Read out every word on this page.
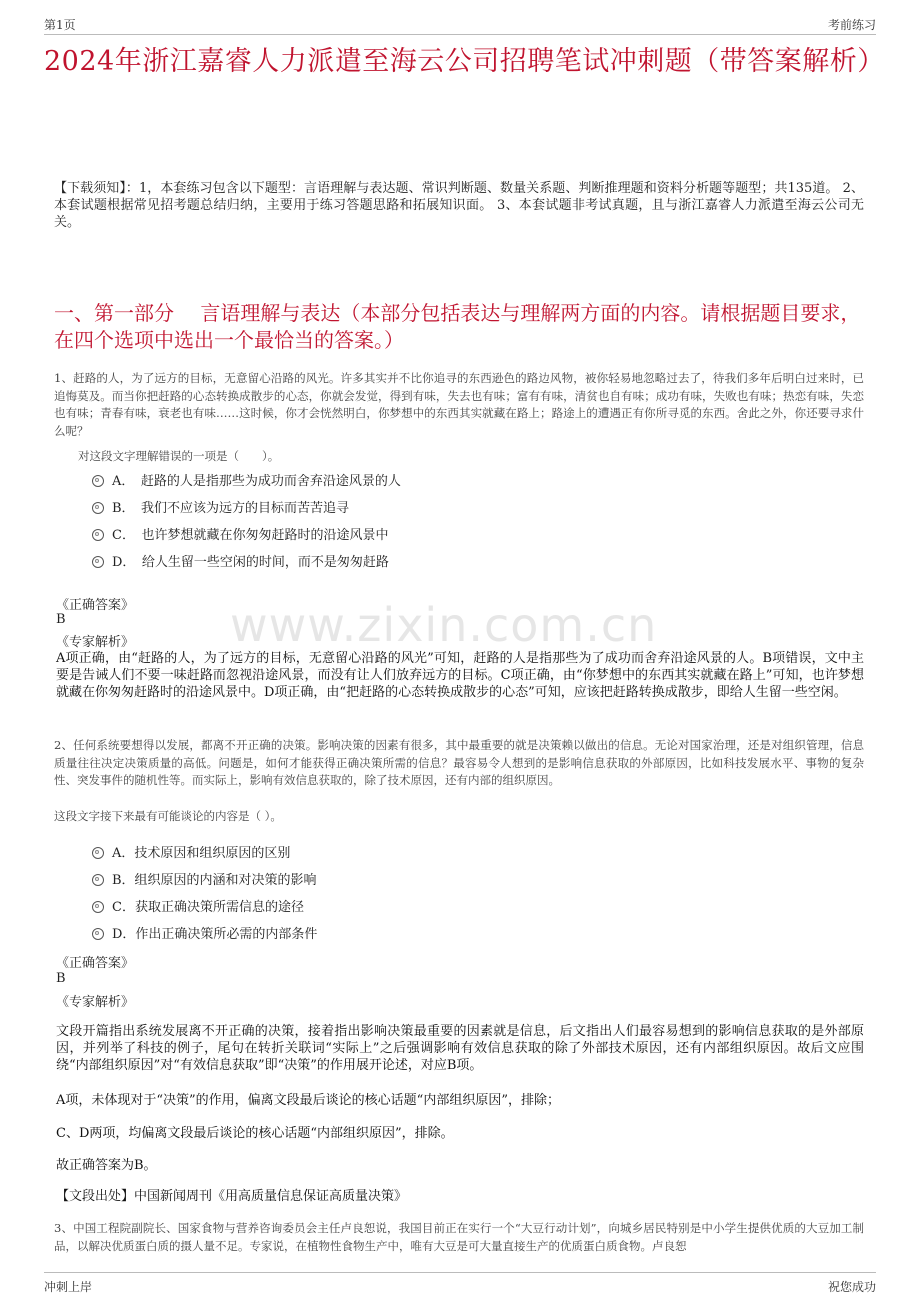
第1页	考前练习
2024年浙江嘉睿人力派遣至海云公司招聘笔试冲刺题（带答案解析）
【下载须知】：1，本套练习包含以下题型：言语理解与表达题、常识判断题、数量关系题、判断推理题和资料分析题等题型；共135道。 2、本套试题根据常见招考题总结归纳，主要用于练习答题思路和拓展知识面。 3、本套试题非考试真题，且与浙江嘉睿人力派遣至海云公司无关。
一、第一部分　 言语理解与表达（本部分包括表达与理解两方面的内容。请根据题目要求，在四个选项中选出一个最恰当的答案。）
www.zixin.com.cn
1、赶路的人，为了远方的目标，无意留心沿路的风光。许多其实并不比你追寻的东西逊色的路边风物，被你轻易地忽略过去了，待我们多年后明白过来时，已追悔莫及。而当你把赶路的心态转换成散步的心态，你就会发觉，得到有味，失去也有味；富有有味，清贫也自有味；成功有味，失败也有味；热恋有味，失恋也有味；青春有味，衰老也有味……这时候，你才会恍然明白，你梦想中的东西其实就藏在路上；路途上的遭遇正有你所寻觅的东西。舍此之外，你还要寻求什么呢？
对这段文字理解错误的一项是（　　）。
A．　赶路的人是指那些为成功而舍弃沿途风景的人
B．　我们不应该为远方的目标而苦苦追寻
C．　也许梦想就藏在你匆匆赶路时的沿途风景中
D．　给人生留一些空闲的时间，而不是匆匆赶路
《正确答案》
B
《专家解析》
A项正确，由“赶路的人，为了远方的目标，无意留心沿路的风光”可知，赶路的人是指那些为了成功而舍弃沿途风景的人。B项错误，文中主要是告诫人们不要一味赶路而忽视沿途风景，而没有让人们放弃远方的目标。C项正确，由“你梦想中的东西其实就藏在路上”可知，也许梦想就藏在你匆匆赶路时的沿途风景中。D项正确，由“把赶路的心态转换成散步的心态”可知，应该把赶路转换成散步，即给人生留一些空闲。
2、任何系统要想得以发展，都离不开正确的决策。影响决策的因素有很多，其中最重要的就是决策赖以做出的信息。无论对国家治理，还是对组织管理，信息质量往往决定决策质量的高低。问题是，如何才能获得正确决策所需的信息？最容易令人想到的是影响信息获取的外部原因，比如科技发展水平、事物的复杂性、突发事件的随机性等。而实际上，影响有效信息获取的，除了技术原因，还有内部的组织原因。
这段文字接下来最有可能谈论的内容是（ ）。
A．技术原因和组织原因的区别
B．组织原因的内涵和对决策的影响
C．获取正确决策所需信息的途径
D．作出正确决策所必需的内部条件
《正确答案》
B
《专家解析》
文段开篇指出系统发展离不开正确的决策，接着指出影响决策最重要的因素就是信息，后文指出人们最容易想到的影响信息获取的是外部原因，并列举了科技的例子，尾句在转折关联词“实际上”之后强调影响有效信息获取的除了外部技术原因，还有内部组织原因。故后文应围绕“内部组织原因”对“有效信息获取”即“决策”的作用展开论述，对应B项。
A项，未体现对于“决策”的作用，偏离文段最后谈论的核心话题“内部组织原因”，排除；
C、D两项，均偏离文段最后谈论的核心话题“内部组织原因”，排除。
故正确答案为B。
【文段出处】中国新闻周刊《用高质量信息保证高质量决策》
3、中国工程院副院长、国家食物与营养咨询委员会主任卢良恕说，我国目前正在实行一个“大豆行动计划”，向城乡居民特别是中小学生提供优质的大豆加工制品，以解决优质蛋白质的摄人量不足。专家说，在植物性食物生产中，唯有大豆是可大量直接生产的优质蛋白质食物。卢良恕
冲刺上岸	祝您成功
